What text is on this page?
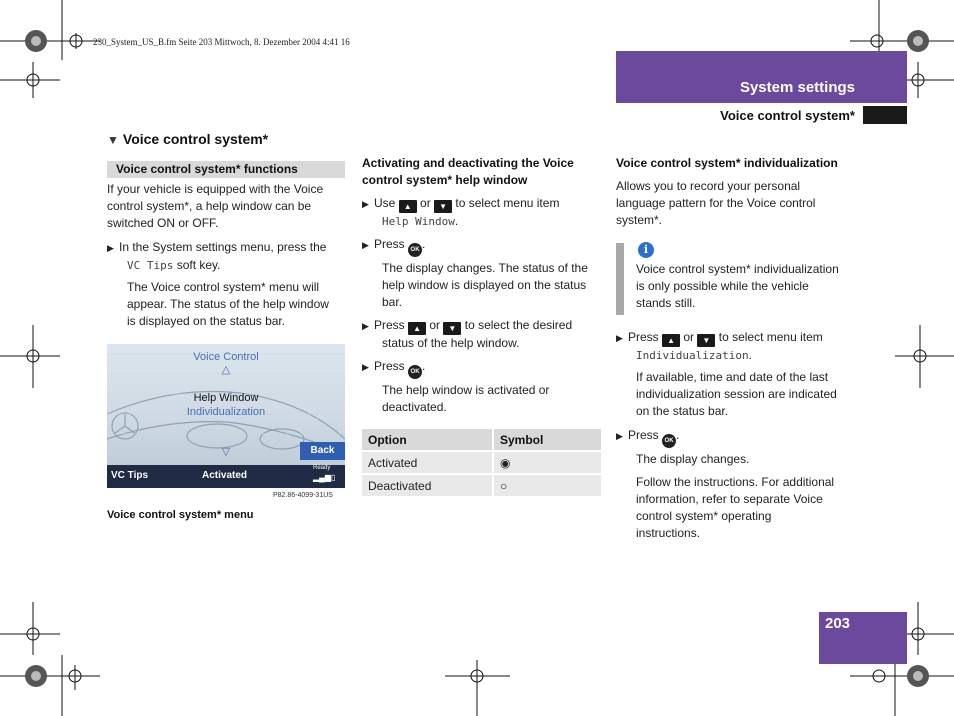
230_System_US_B.fm Seite 203 Mittwoch, 8. Dezember 2004 4:41 16
System settings
Voice control system*
▼ Voice control system*
Voice control system* functions
If your vehicle is equipped with the Voice
control system*, a help window can be
switched ON or OFF.
▶ In the System settings menu, press the
VC Tips soft key.
The Voice control system* menu will
appear. The status of the help window
is displayed on the status bar.
Voice Control
△
Help Window
Individualization
▽	Back
VC Tips	Activated
Ready
▂▄▆▯
P82.86-4099-31US
Voice control system* menu
Activating and deactivating the Voice
control system* help window
▶ Use ▲ or ▼ to select menu item
Help Window.
▶ Press OK .
The display changes. The status of the
help window is displayed on the status
bar.
▶ Press ▲ or ▼ to select the desired
status of the help window.
▶ Press OK .
The help window is activated or
deactivated.
Option	Symbol
Activated	◉
Deactivated	○
Voice control system* individualization
Allows you to record your personal
language pattern for the Voice control
system*.
i
Voice control system* individualization
is only possible while the vehicle
stands still.
▶ Press ▲ or ▼ to select menu item
Individualization.
If available, time and date of the last
individualization session are indicated
on the status bar.
▶ Press OK .
The display changes.
Follow the instructions. For additional
information, refer to separate Voice
control system* operating
instructions.
203
